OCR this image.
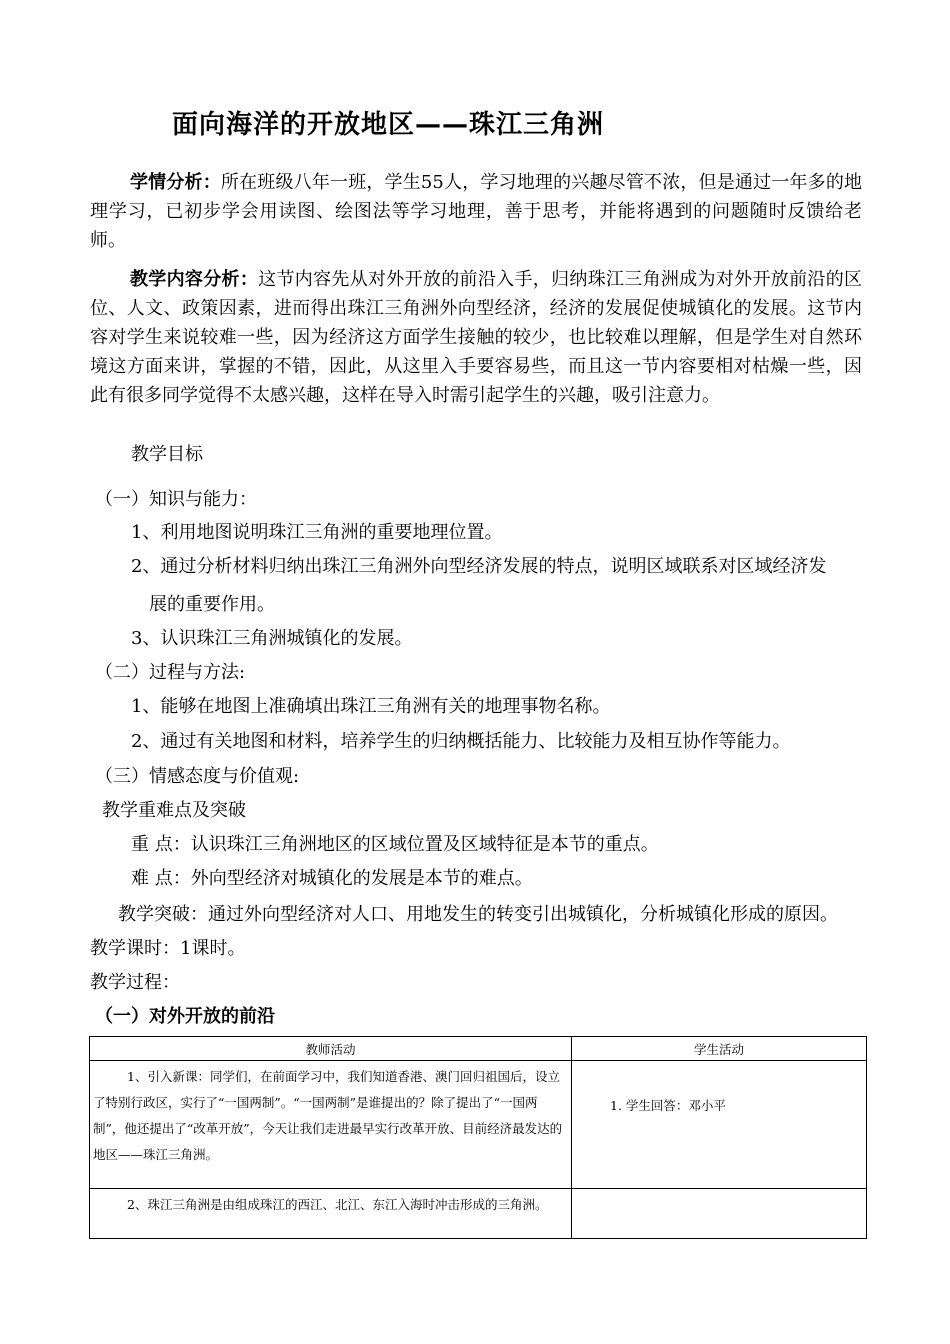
面向海洋的开放地区——珠江三角洲
学情分析：所在班级八年一班，学生55人，学习地理的兴趣尽管不浓，但是通过一年多的地理学习，已初步学会用读图、绘图法等学习地理，善于思考，并能将遇到的问题随时反馈给老师。
教学内容分析：这节内容先从对外开放的前沿入手，归纳珠江三角洲成为对外开放前沿的区位、人文、政策因素，进而得出珠江三角洲外向型经济，经济的发展促使城镇化的发展。这节内容对学生来说较难一些，因为经济这方面学生接触的较少，也比较难以理解，但是学生对自然环境这方面来讲，掌握的不错，因此，从这里入手要容易些，而且这一节内容要相对枯燥一些，因此有很多同学觉得不太感兴趣，这样在导入时需引起学生的兴趣，吸引注意力。
教学目标
（一）知识与能力：
1、利用地图说明珠江三角洲的重要地理位置。
2、通过分析材料归纳出珠江三角洲外向型经济发展的特点，说明区域联系对区域经济发
展的重要作用。
3、认识珠江三角洲城镇化的发展。
（二）过程与方法:
1、能够在地图上准确填出珠江三角洲有关的地理事物名称。
2、通过有关地图和材料，培养学生的归纳概括能力、比较能力及相互协作等能力。
（三）情感态度与价值观:
教学重难点及突破
重 点：认识珠江三角洲地区的区域位置及区域特征是本节的重点。
难 点：外向型经济对城镇化的发展是本节的难点。
教学突破：通过外向型经济对人口、用地发生的转变引出城镇化，分析城镇化形成的原因。
教学课时：1课时。
教学过程：
（一）对外开放的前沿
教师活动	学生活动
1、引入新课：同学们，在前面学习中，我们知道香港、澳门回归祖国后，设立了特别行政区，实行了“一国两制”。“一国两制”是谁提出的？除了提出了“一国两制”，他还提出了“改革开放”，今天让我们走进最早实行改革开放、目前经济最发达的地区——珠江三角洲。	1. 学生回答：邓小平
2、珠江三角洲是由组成珠江的西江、北江、东江入海时冲击形成的三角洲。	
